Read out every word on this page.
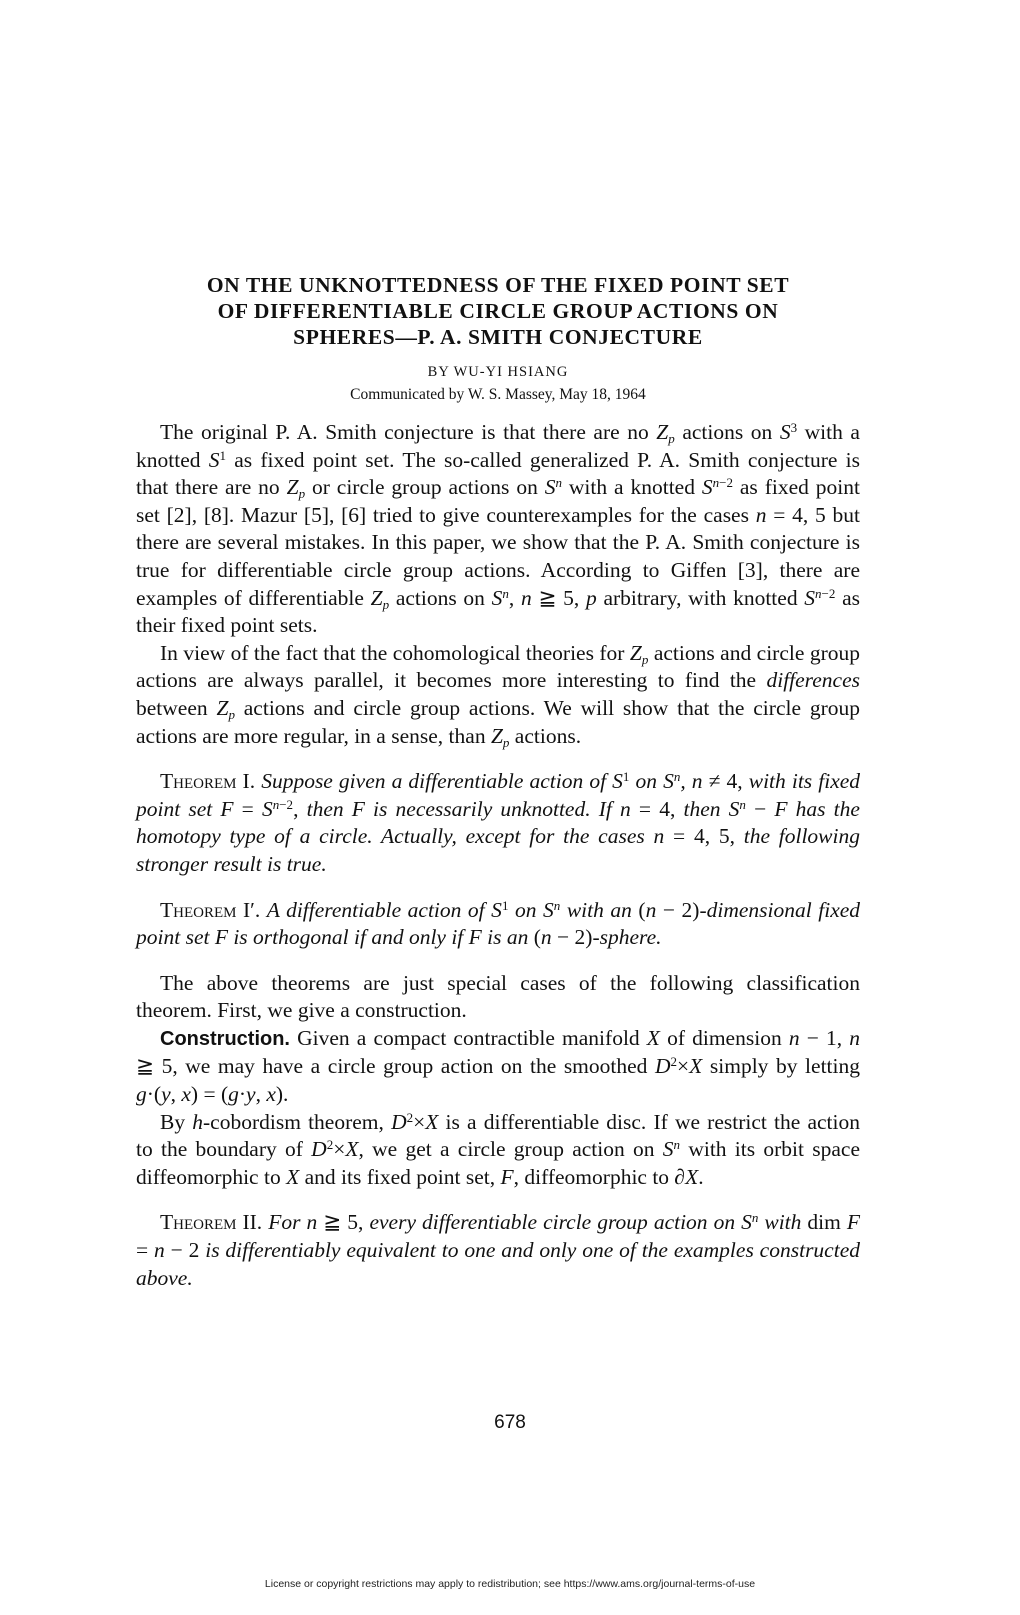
ON THE UNKNOTTEDNESS OF THE FIXED POINT SET
OF DIFFERENTIABLE CIRCLE GROUP ACTIONS ON
SPHERES—P. A. SMITH CONJECTURE
BY WU-YI HSIANG
Communicated by W. S. Massey, May 18, 1964

The original P. A. Smith conjecture is that there are no $Z_p$ actions on $S^3$ with a knotted $S^1$ as fixed point set. The so-called generalized P. A. Smith conjecture is that there are no $Z_p$ or circle group actions on $S^n$ with a knotted $S^{n-2}$ as fixed point set [2], [8]. Mazur [5], [6] tried to give counterexamples for the cases n = 4, 5 but there are several mistakes. In this paper, we show that the P. A. Smith conjecture is true for differentiable circle group actions. According to Giffen [3], there are examples of differentiable $Z_p$ actions on $S^n$, n ≧ 5, p arbitrary, with knotted $S^{n-2}$ as their fixed point sets.

In view of the fact that the cohomological theories for $Z_p$ actions and circle group actions are always parallel, it becomes more interesting to find the differences between $Z_p$ actions and circle group actions. We will show that the circle group actions are more regular, in a sense, than $Z_p$ actions.

Theorem I. Suppose given a differentiable action of $S^1$ on $S^n$, n ≠ 4, with its fixed point set $F = S^{n-2}$, then F is necessarily unknotted. If n = 4, then $S^n - F$ has the homotopy type of a circle. Actually, except for the cases n = 4, 5, the following stronger result is true.

Theorem I′. A differentiable action of $S^1$ on $S^n$ with an (n − 2)-dimensional fixed point set F is orthogonal if and only if F is an (n − 2)-sphere.

The above theorems are just special cases of the following classification theorem. First, we give a construction.

Construction. Given a compact contractible manifold X of dimension n − 1, n ≧ 5, we may have a circle group action on the smoothed $D^2\times X$ simply by letting g·(y, x) = (g·y, x).

By h-cobordism theorem, $D^2\times X$ is a differentiable disc. If we restrict the action to the boundary of $D^2\times X$, we get a circle group action on $S^n$ with its orbit space diffeomorphic to X and its fixed point set, F, diffeomorphic to ∂X.

Theorem II. For n ≧ 5, every differentiable circle group action on $S^n$ with dim F = n − 2 is differentiably equivalent to one and only one of the examples constructed above.

678
License or copyright restrictions may apply to redistribution; see https://www.ams.org/journal-terms-of-use
